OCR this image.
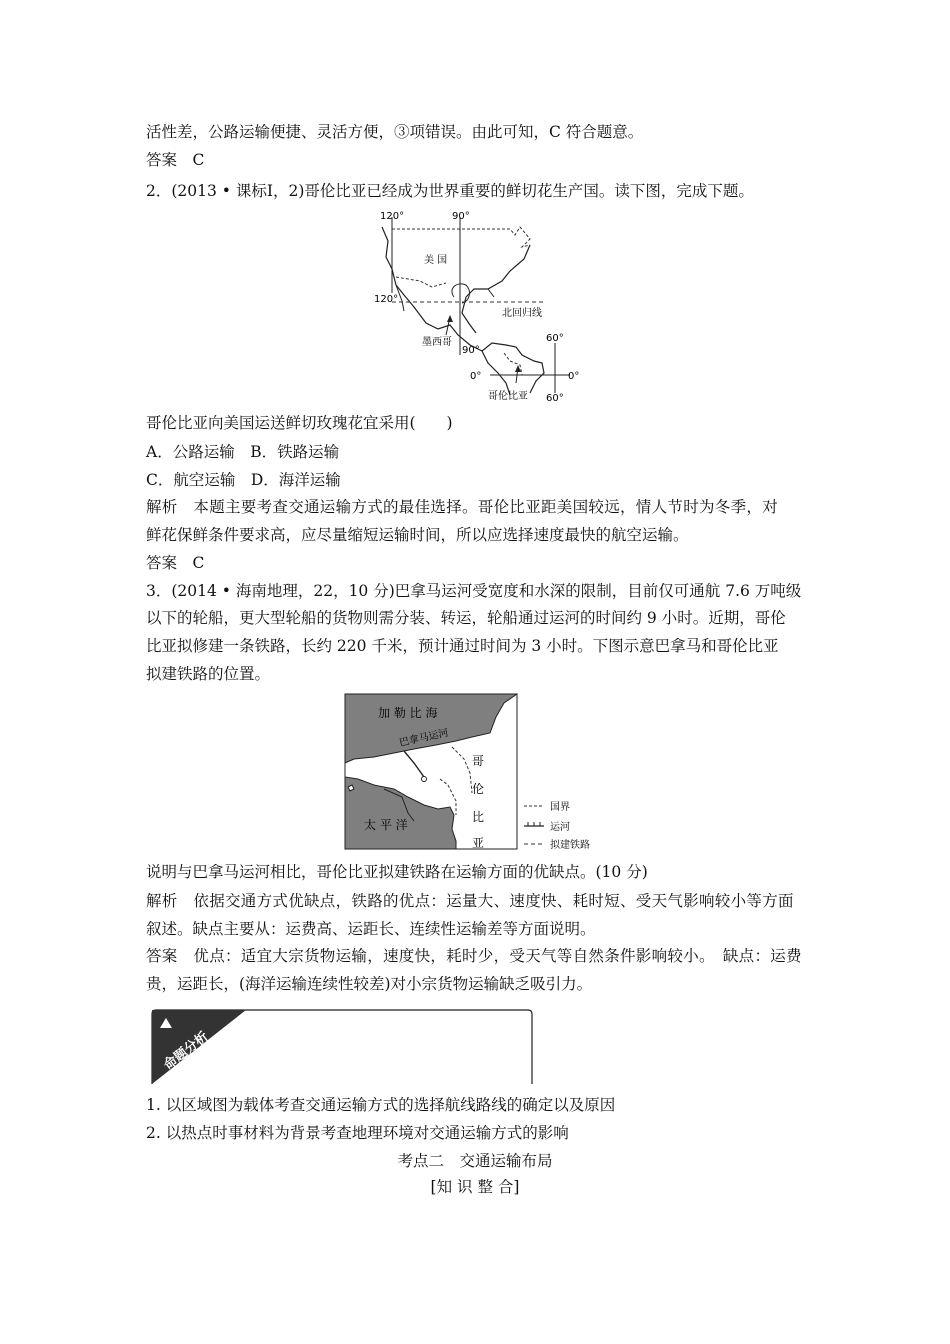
活性差，公路运输便捷、灵活方便，③项错误。由此可知，C 符合题意。
答案　C
2．(2013 • 课标Ⅰ，2)哥伦比亚已经成为世界重要的鲜切花生产国。读下图，完成下题。
120°	90°
120°
90°
60°
60°
0°	0°
美 国
北回归线
墨西哥
哥伦比亚
哥伦比亚向美国运送鲜切玫瑰花宜采用(　　)
A．公路运输　B．铁路运输
C．航空运输　D．海洋运输
解析　本题主要考查交通运输方式的最佳选择。哥伦比亚距美国较远，情人节时为冬季，对
鲜花保鲜条件要求高，应尽量缩短运输时间，所以应选择速度最快的航空运输。
答案　C
3．(2014 • 海南地理，22，10 分)巴拿马运河受宽度和水深的限制，目前仅可通航 7.6 万吨级
以下的轮船，更大型轮船的货物则需分装、转运，轮船通过运河的时间约 9 小时。近期，哥伦
比亚拟修建一条铁路，长约 220 千米，预计通过时间为 3 小时。下图示意巴拿马和哥伦比亚
拟建铁路的位置。
加 勒 比 海
巴拿马运河
太 平 洋
哥
伦
比
亚
国界
运河
拟建铁路
说明与巴拿马运河相比，哥伦比亚拟建铁路在运输方面的优缺点。(10 分)
解析　依据交通方式优缺点，铁路的优点：运量大、速度快、耗时短、受天气影响较小等方面
叙述。缺点主要从：运费高、运距长、连续性运输差等方面说明。
答案　优点：适宜大宗货物运输，速度快，耗时少，受天气等自然条件影响较小。　缺点：运费
贵，运距长，(海洋运输连续性较差)对小宗货物运输缺乏吸引力。
命题分析
1. 以区域图为载体考查交通运输方式的选择航线路线的确定以及原因
2. 以热点时事材料为背景考查地理环境对交通运输方式的影响
考点二　交通运输布局
[知 识 整 合]
